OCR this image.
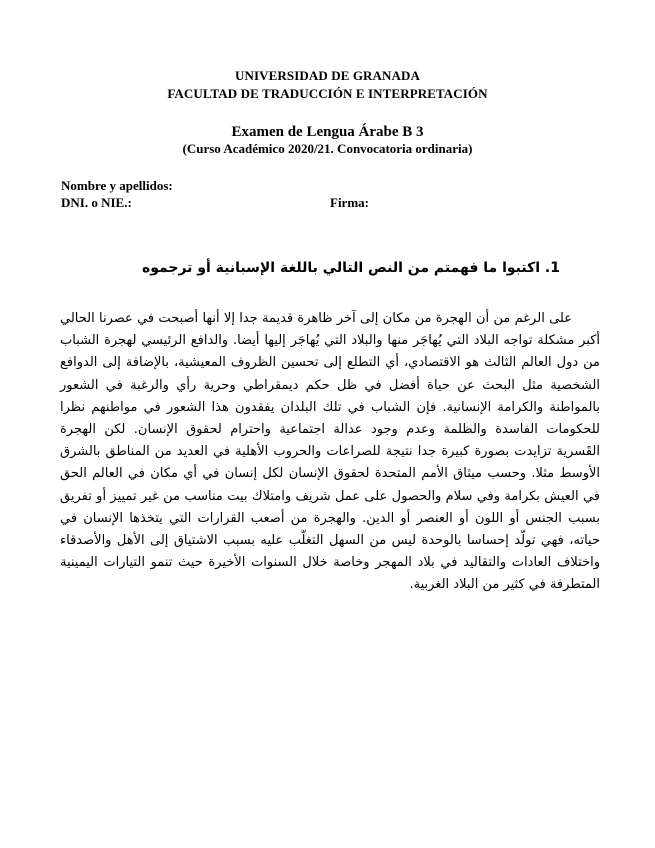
UNIVERSIDAD DE GRANADA
FACULTAD DE TRADUCCIÓN E INTERPRETACIÓN
Examen de Lengua Árabe B 3
(Curso Académico 2020/21. Convocatoria ordinaria)
Nombre y apellidos:
DNI. o NIE.:	Firma:
1. اكتبوا ما فهمتم من النص التالي باللغة الإسبانية أو ترجموه

على الرغم من أن الهجرة من مكان إلى آخر ظاهرة قديمة جدا إلا أنها أصبحت في عصرنا الحالي أكبر مشكلة تواجه البلاد التي يُهاجَر منها والبلاد التي يُهاجَر إليها أيضا. والدافع الرئيسي لهجرة الشباب من دول العالم الثالث هو الاقتصادي، أي التطلع إلى تحسين الظروف المعيشية، بالإضافة إلى الدوافع الشخصية مثل البحث عن حياة أفضل في ظل حكم ديمقراطي وحرية رأي والرغبة في الشعور بالمواطنة والكرامة الإنسانية. فإن الشباب في تلك البلدان يفقدون هذا الشعور في مواطنهم نظرا للحكومات الفاسدة والظلمة وعدم وجود عدالة اجتماعية واحترام لحقوق الإنسان. لكن الهجرة القَسرية تزايدت بصورة كبيرة جدا نتيجة للصراعات والحروب الأهلية في العديد من المناطق بالشرق الأوسط مثلا. وحسب ميثاق الأمم المتحدة لحقوق الإنسان لكل إنسان في أي مكان في العالم الحق في العيش بكرامة وفي سلام والحصول على عمل شريف وامتلاك بيت مناسب من غير تمييز أو تفريق بسبب الجنس أو اللون أو العنصر أو الدين. والهجرة من أصعب القرارات التي يتخذها الإنسان في حياته، فهي تولّد إحساسا بالوحدة ليس من السهل التغلّب عليه بسبب الاشتياق إلى الأهل والأصدقاء واختلاف العادات والتقاليد في بلاد المهجر وخاصة خلال السنوات الأخيرة حيث تنمو التيارات اليمينية المتطرفة في كثير من البلاد الغربية.
